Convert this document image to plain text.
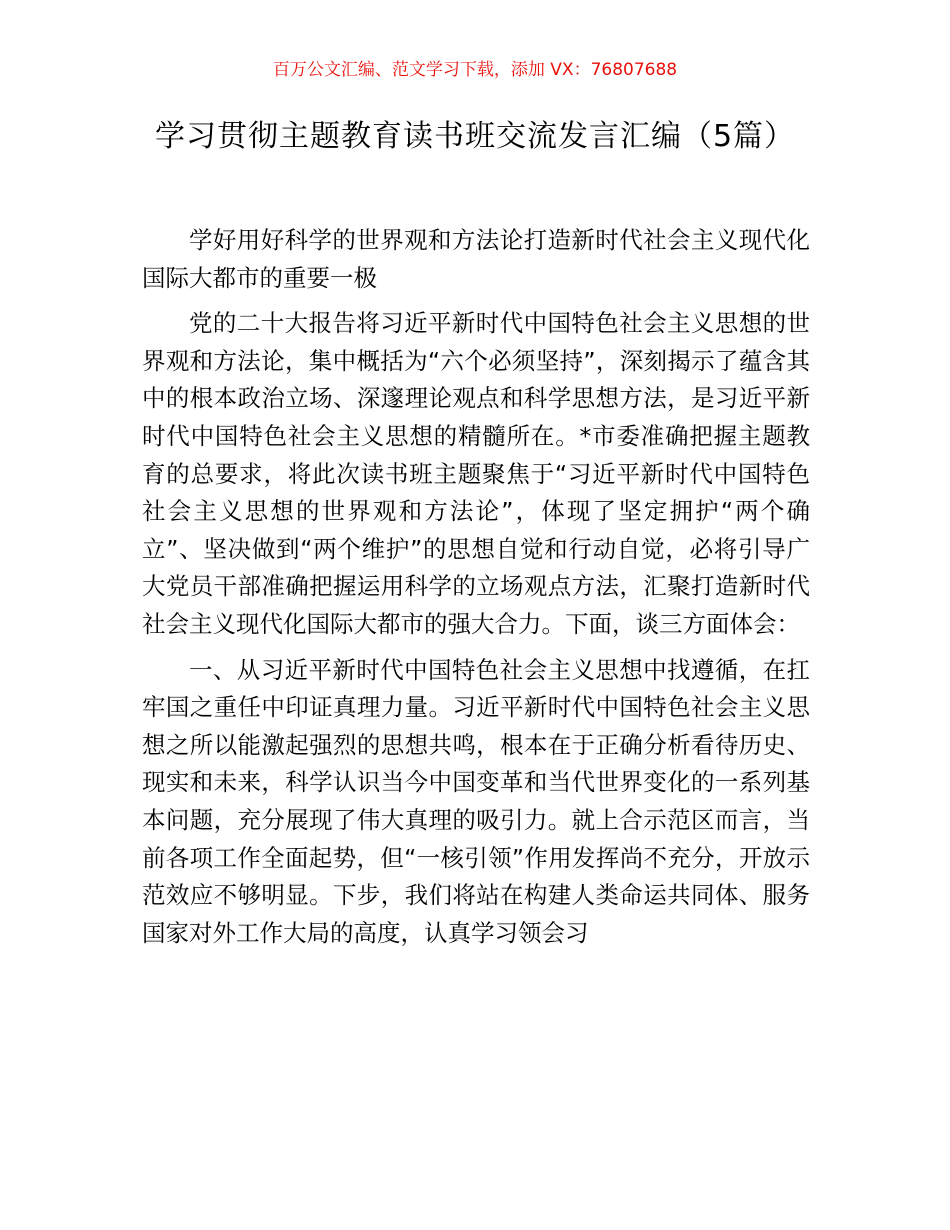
百万公文汇编、范文学习下载，添加 VX：76807688
学习贯彻主题教育读书班交流发言汇编（5篇）

学好用好科学的世界观和方法论打造新时代社会主义现代化国际大都市的重要一极

党的二十大报告将习近平新时代中国特色社会主义思想的世界观和方法论，集中概括为“六个必须坚持”，深刻揭示了蕴含其中的根本政治立场、深邃理论观点和科学思想方法，是习近平新时代中国特色社会主义思想的精髓所在。*市委准确把握主题教育的总要求，将此次读书班主题聚焦于“习近平新时代中国特色社会主义思想的世界观和方法论”，体现了坚定拥护“两个确立”、坚决做到“两个维护”的思想自觉和行动自觉，必将引导广大党员干部准确把握运用科学的立场观点方法，汇聚打造新时代社会主义现代化国际大都市的强大合力。下面，谈三方面体会：

一、从习近平新时代中国特色社会主义思想中找遵循，在扛牢国之重任中印证真理力量。习近平新时代中国特色社会主义思想之所以能激起强烈的思想共鸣，根本在于正确分析看待历史、现实和未来，科学认识当今中国变革和当代世界变化的一系列基本问题，充分展现了伟大真理的吸引力。就上合示范区而言，当前各项工作全面起势，但“一核引领”作用发挥尚不充分，开放示范效应不够明显。下步，我们将站在构建人类命运共同体、服务国家对外工作大局的高度，认真学习领会习
